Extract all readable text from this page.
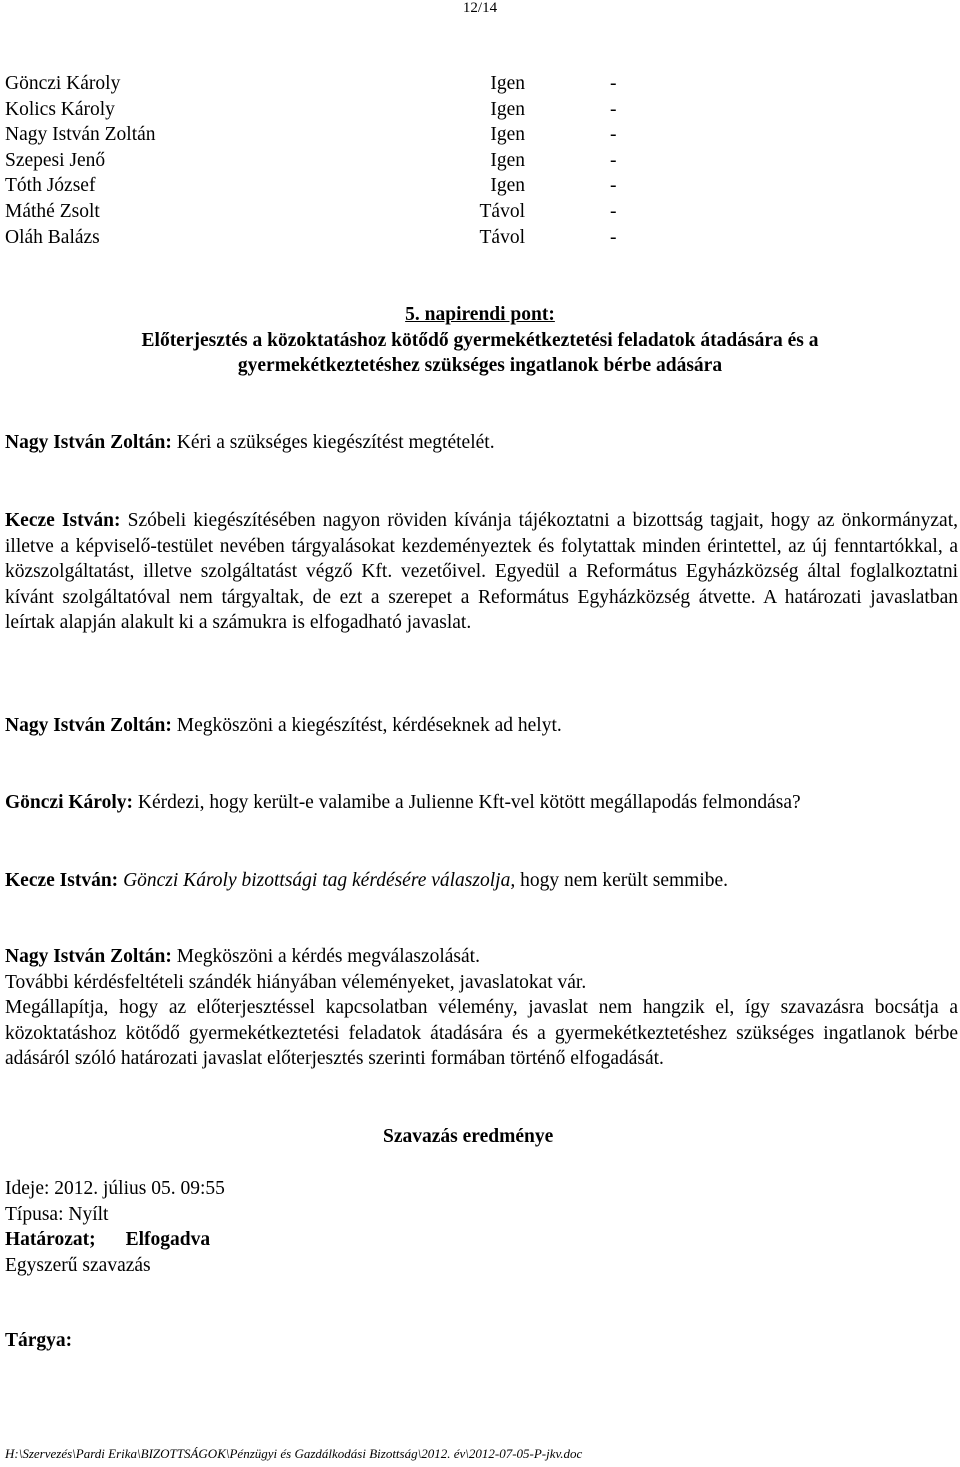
12/14
Gönczi Károly	Igen	-
Kolics Károly	Igen	-
Nagy István Zoltán	Igen	-
Szepesi Jenő	Igen	-
Tóth József	Igen	-
Máthé Zsolt	Távol	-
Oláh Balázs	Távol	-
5. napirendi pont:
Előterjesztés a közoktatáshoz kötődő gyermekétkeztetési feladatok átadására és a
gyermekétkeztetéshez szükséges ingatlanok bérbe adására
Nagy István Zoltán: Kéri a szükséges kiegészítést megtételét.
Kecze István: Szóbeli kiegészítésében nagyon röviden kívánja tájékoztatni a bizottság tagjait, hogy az önkormányzat, illetve a képviselő-testület nevében tárgyalásokat kezdeményeztek és folytattak minden érintettel, az új fenntartókkal, a közszolgáltatást, illetve szolgáltatást végző Kft. vezetőivel. Egyedül a Református Egyházközség által foglalkoztatni kívánt szolgáltatóval nem tárgyaltak, de ezt a szerepet a Református Egyházközség átvette. A határozati javaslatban leírtak alapján alakult ki a számukra is elfogadható javaslat.
Nagy István Zoltán: Megköszöni a kiegészítést, kérdéseknek ad helyt.
Gönczi Károly: Kérdezi, hogy került-e valamibe a Julienne Kft-vel kötött megállapodás felmondása?
Kecze István: Gönczi Károly bizottsági tag kérdésére válaszolja, hogy nem került semmibe.
Nagy István Zoltán: Megköszöni a kérdés megválaszolását.
További kérdésfeltételi szándék hiányában véleményeket, javaslatokat vár.
Megállapítja, hogy az előterjesztéssel kapcsolatban vélemény, javaslat nem hangzik el, így szavazásra bocsátja a közoktatáshoz kötődő gyermekétkeztetési feladatok átadására és a gyermekétkeztetéshez szükséges ingatlanok bérbe adásáról szóló határozati javaslat előterjesztés szerinti formában történő elfogadását.
Szavazás eredménye
Ideje: 2012. július 05. 09:55
Típusa: Nyílt
Határozat; Elfogadva
Egyszerű szavazás
Tárgya:
H:\Szervezés\Pardi Erika\BIZOTTSÁGOK\Pénzügyi és Gazdálkodási Bizottság\2012. év\2012-07-05-P-jkv.doc
